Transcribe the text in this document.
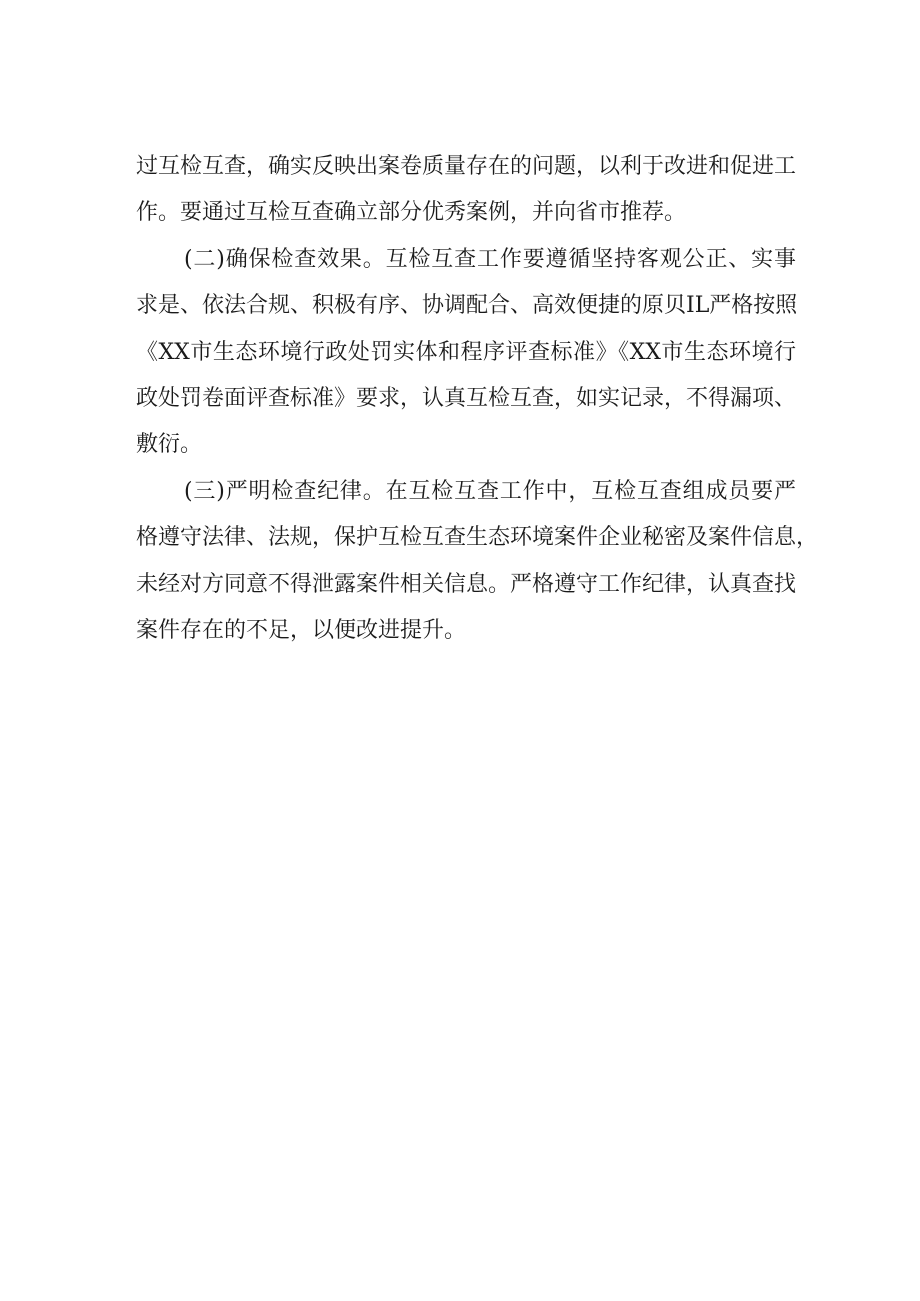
过互检互查，确实反映出案卷质量存在的问题，以利于改进和促进工
作。要通过互检互查确立部分优秀案例，并向省市推荐。
(二)确保检查效果。互检互查工作要遵循坚持客观公正、实事
求是、依法合规、积极有序、协调配合、高效便捷的原贝IL严格按照
《XX市生态环境行政处罚实体和程序评查标准》《XX市生态环境行
政处罚卷面评查标准》要求，认真互检互查，如实记录，不得漏项、
敷衍。
(三)严明检查纪律。在互检互查工作中，互检互查组成员要严
格遵守法律、法规，保护互检互查生态环境案件企业秘密及案件信息，
未经对方同意不得泄露案件相关信息。严格遵守工作纪律，认真查找
案件存在的不足，以便改进提升。
